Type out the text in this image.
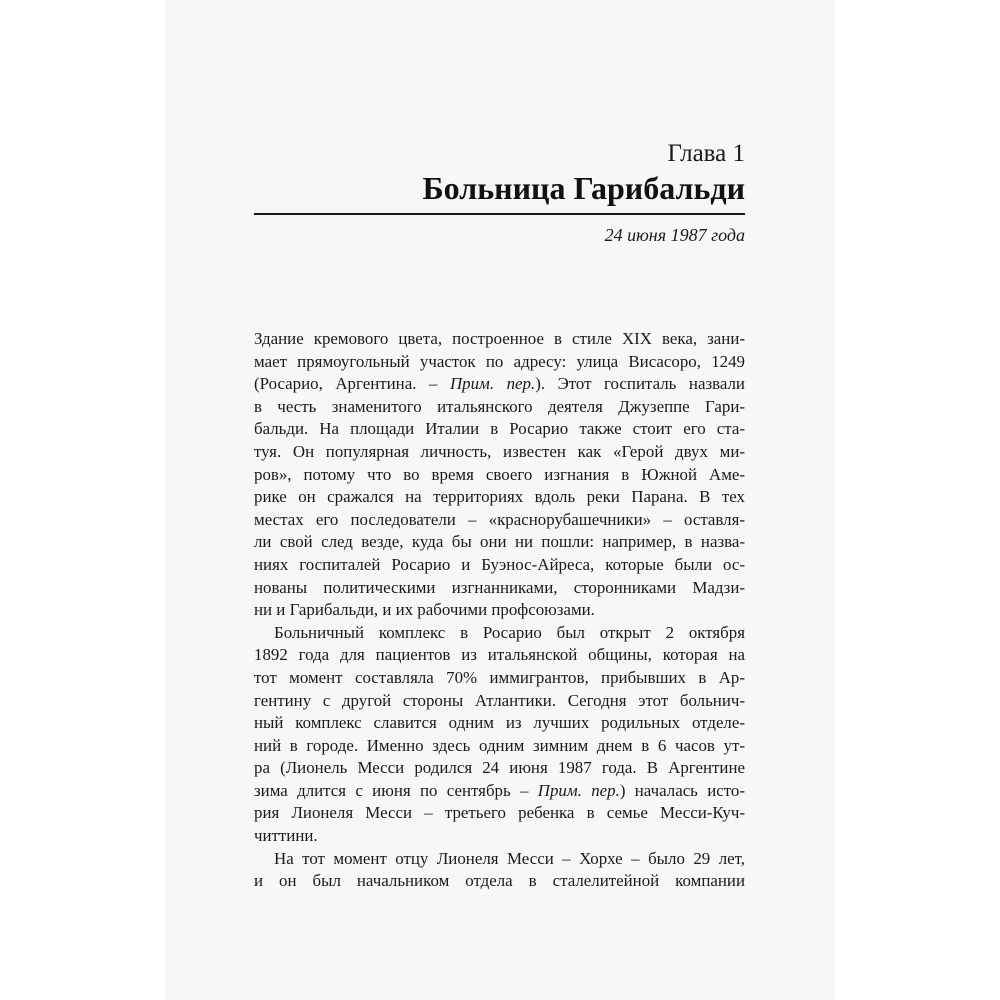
Глава 1
Больница Гарибальди
24 июня 1987 года
Здание кремового цвета, построенное в стиле XIX века, зани-
мает прямоугольный участок по адресу: улица Висасоро, 1249
(Росарио, Аргентина. – Прим. пер.). Этот госпиталь назвали
в честь знаменитого итальянского деятеля Джузеппе Гари-
бальди. На площади Италии в Росарио также стоит его ста-
туя. Он популярная личность, известен как «Герой двух ми-
ров», потому что во время своего изгнания в Южной Аме-
рике он сражался на территориях вдоль реки Парана. В тех
местах его последователи – «краснорубашечники» – оставля-
ли свой след везде, куда бы они ни пошли: например, в назва-
ниях госпиталей Росарио и Буэнос-Айреса, которые были ос-
нованы политическими изгнанниками, сторонниками Мадзи-
ни и Гарибальди, и их рабочими профсоюзами.
Больничный комплекс в Росарио был открыт 2 октября
1892 года для пациентов из итальянской общины, которая на
тот момент составляла 70% иммигрантов, прибывших в Ар-
гентину с другой стороны Атлантики. Сегодня этот больнич-
ный комплекс славится одним из лучших родильных отделе-
ний в городе. Именно здесь одним зимним днем в 6 часов ут-
ра (Лионель Месси родился 24 июня 1987 года. В Аргентине
зима длится с июня по сентябрь – Прим. пер.) началась исто-
рия Лионеля Месси – третьего ребенка в семье Месси-Куч-
читтини.
На тот момент отцу Лионеля Месси – Хорхе – было 29 лет,
и он был начальником отдела в сталелитейной компании
